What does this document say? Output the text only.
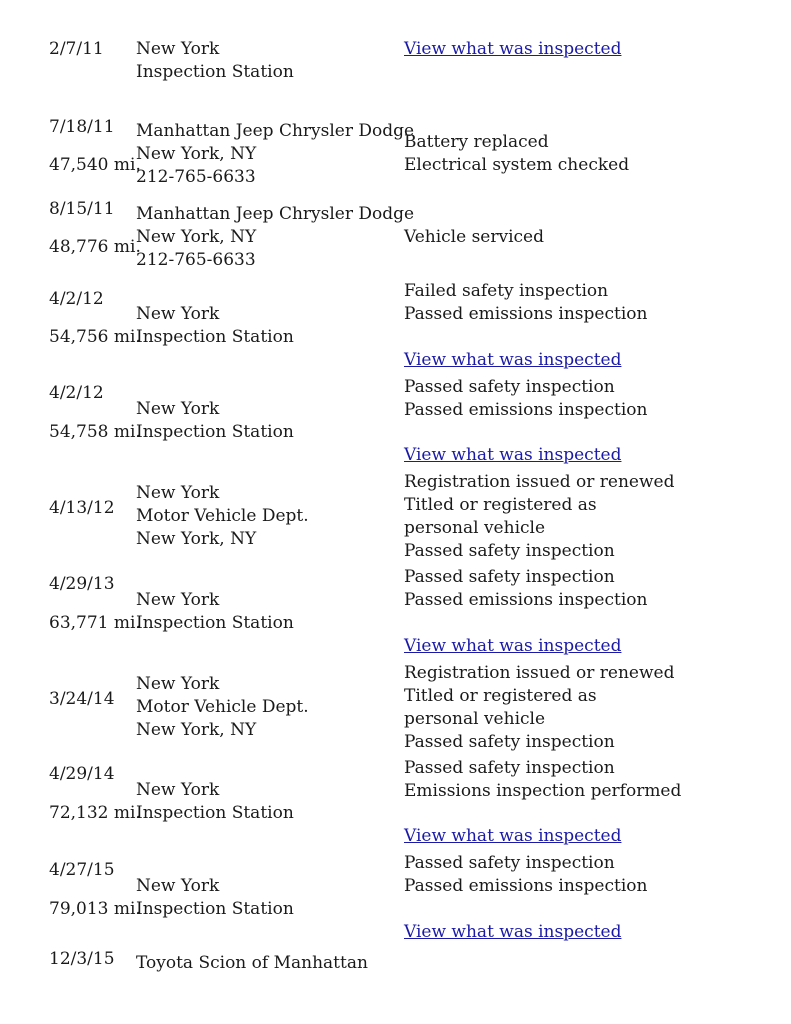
2/7/11 New York
Inspection Station
View what was inspected
7/18/11
47,540 mi.
Manhattan Jeep Chrysler Dodge
New York, NY
212-765-6633
Battery replaced
Electrical system checked
8/15/11
48,776 mi.
Manhattan Jeep Chrysler Dodge
New York, NY
212-765-6633
Vehicle serviced
4/2/12
54,756 mi.
New York
Inspection Station
Failed safety inspection
Passed emissions inspection
View what was inspected
4/2/12
54,758 mi.
New York
Inspection Station
Passed safety inspection
Passed emissions inspection
View what was inspected
4/13/12
New York
Motor Vehicle Dept.
New York, NY
Registration issued or renewed
Titled or registered as
personal vehicle
Passed safety inspection
4/29/13
63,771 mi.
New York
Inspection Station
Passed safety inspection
Passed emissions inspection
View what was inspected
3/24/14
New York
Motor Vehicle Dept.
New York, NY
Registration issued or renewed
Titled or registered as
personal vehicle
Passed safety inspection
4/29/14
72,132 mi.
New York
Inspection Station
Passed safety inspection
Emissions inspection performed
View what was inspected
4/27/15
79,013 mi.
New York
Inspection Station
Passed safety inspection
Passed emissions inspection
View what was inspected
12/3/15 Toyota Scion of Manhattan
